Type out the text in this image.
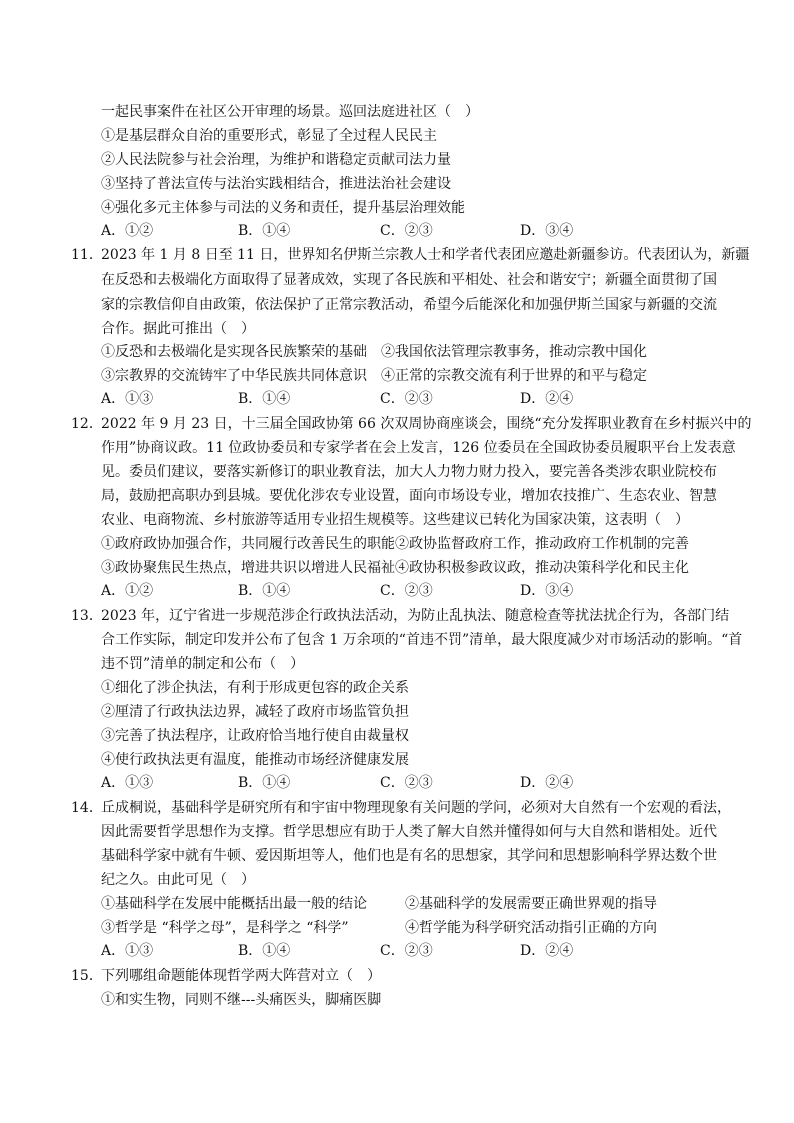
一起民事案件在社区公开审理的场景。巡回法庭进社区（　）
①是基层群众自治的重要形式，彰显了全过程人民民主
②人民法院参与社会治理，为维护和谐稳定贡献司法力量
③坚持了普法宣传与法治实践相结合，推进法治社会建设
④强化多元主体参与司法的义务和责任，提升基层治理效能
A．①②	B．①④	C．②③	D．③④
11．
2023 年 1 月 8 日至 11 日，世界知名伊斯兰宗教人士和学者代表团应邀赴新疆参访。代表团认为，新疆
在反恐和去极端化方面取得了显著成效，实现了各民族和平相处、社会和谐安宁；新疆全面贯彻了国
家的宗教信仰自由政策，依法保护了正常宗教活动，希望今后能深化和加强伊斯兰国家与新疆的交流
合作。据此可推出（　）
①反恐和去极端化是实现各民族繁荣的基础　②我国依法管理宗教事务，推动宗教中国化
③宗教界的交流铸牢了中华民族共同体意识　④正常的宗教交流有利于世界的和平与稳定
A．①③	B．①④	C．②③	D．②④
12．
2022 年 9 月 23 日，十三届全国政协第 66 次双周协商座谈会，围绕“充分发挥职业教育在乡村振兴中的
作用”协商议政。11 位政协委员和专家学者在会上发言，126 位委员在全国政协委员履职平台上发表意
见。委员们建议，要落实新修订的职业教育法，加大人力物力财力投入，要完善各类涉农职业院校布
局，鼓励把高职办到县城。要优化涉农专业设置，面向市场设专业，增加农技推广、生态农业、智慧
农业、电商物流、乡村旅游等适用专业招生规模等。这些建议已转化为国家决策，这表明（　）
①政府政协加强合作，共同履行改善民生的职能②政协监督政府工作，推动政府工作机制的完善
③政协聚焦民生热点，增进共识以增进人民福祉④政协积极参政议政，推动决策科学化和民主化
A．①②	B．①④	C．②③	D．③④
13．
2023 年，辽宁省进一步规范涉企行政执法活动，为防止乱执法、随意检查等扰法扰企行为，各部门结
合工作实际，制定印发并公布了包含 1 万余项的“首违不罚”清单，最大限度减少对市场活动的影响。“首
违不罚”清单的制定和公布（　）
①细化了涉企执法，有利于形成更包容的政企关系
②厘清了行政执法边界，减轻了政府市场监管负担
③完善了执法程序，让政府恰当地行使自由裁量权
④使行政执法更有温度，能推动市场经济健康发展
A．①③	B．①④	C．②③	D．②④
14．
丘成桐说，基础科学是研究所有和宇宙中物理现象有关问题的学问，必须对大自然有一个宏观的看法，
因此需要哲学思想作为支撑。哲学思想应有助于人类了解大自然并懂得如何与大自然和谐相处。近代
基础科学家中就有牛顿、爱因斯坦等人，他们也是有名的思想家，其学问和思想影响科学界达数个世
纪之久。由此可见（　）
①基础科学在发展中能概括出最一般的结论	②基础科学的发展需要正确世界观的指导
③哲学是 “科学之母”，是科学之 “科学”	④哲学能为科学研究活动指引正确的方向
A．①③	B．①④	C．②③	D．②④
15．
下列哪组命题能体现哲学两大阵营对立（　）
①和实生物，同则不继---头痛医头，脚痛医脚
